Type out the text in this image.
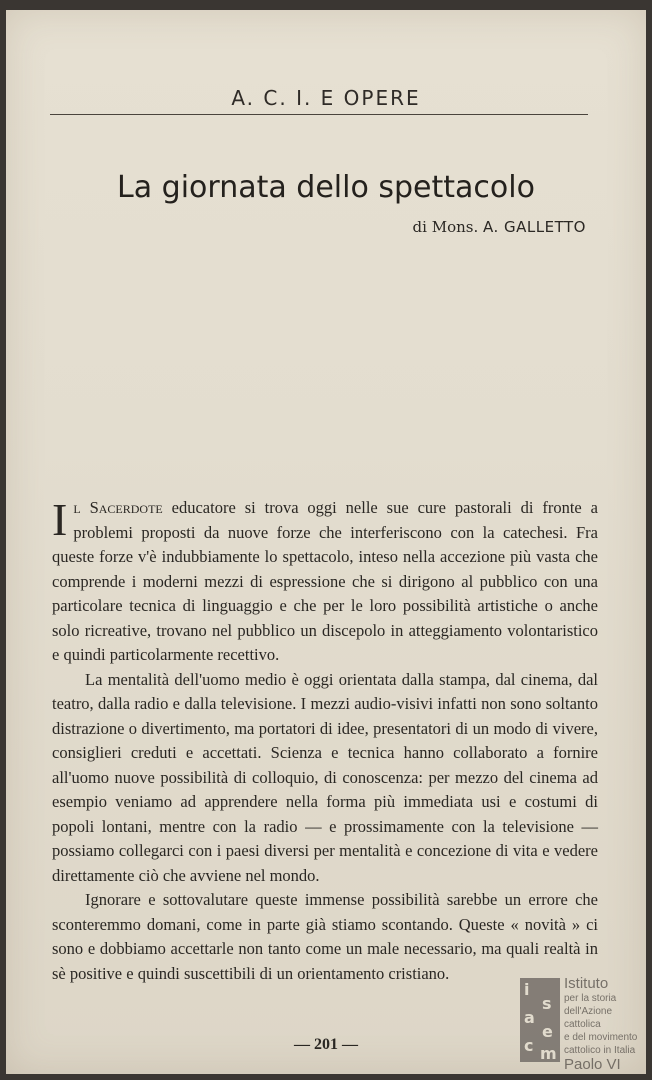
A. C. I. E OPERE
La giornata dello spettacolo
di Mons. A. GALLETTO

Il Sacerdote educatore si trova oggi nelle sue cure pastorali di fronte a problemi proposti da nuove forze che interferiscono con la catechesi. Fra queste forze v'è indubbiamente lo spettacolo, inteso nella accezione più vasta che comprende i moderni mezzi di espressione che si dirigono al pubblico con una particolare tecnica di linguaggio e che per le loro possibilità artistiche o anche solo ricreative, trovano nel pubblico un discepolo in atteggiamento volontaristico e quindi particolarmente recettivo.

La mentalità dell'uomo medio è oggi orientata dalla stampa, dal cinema, dal teatro, dalla radio e dalla televisione. I mezzi audio-visivi infatti non sono soltanto distrazione o divertimento, ma portatori di idee, presentatori di un modo di vivere, consiglieri creduti e accettati. Scienza e tecnica hanno collaborato a fornire all'uomo nuove possibilità di colloquio, di conoscenza: per mezzo del cinema ad esempio veniamo ad apprendere nella forma più immediata usi e costumi di popoli lontani, mentre con la radio — e prossimamente con la televisione — possiamo collegarci con i paesi diversi per mentalità e concezione di vita e vedere direttamente ciò che avviene nel mondo.

Ignorare e sottovalutare queste immense possibilità sarebbe un errore che sconteremmo domani, come in parte già stiamo scontando. Queste « novità » ci sono e dobbiamo accettarle non tanto come un male necessario, ma quali realtà in sè positive e quindi suscettibili di un orientamento cristiano.

— 201 —
i
s
a
e
c m
Istituto
per la storia
dell'Azione cattolica
e del movimento
cattolico in Italia
Paolo VI
